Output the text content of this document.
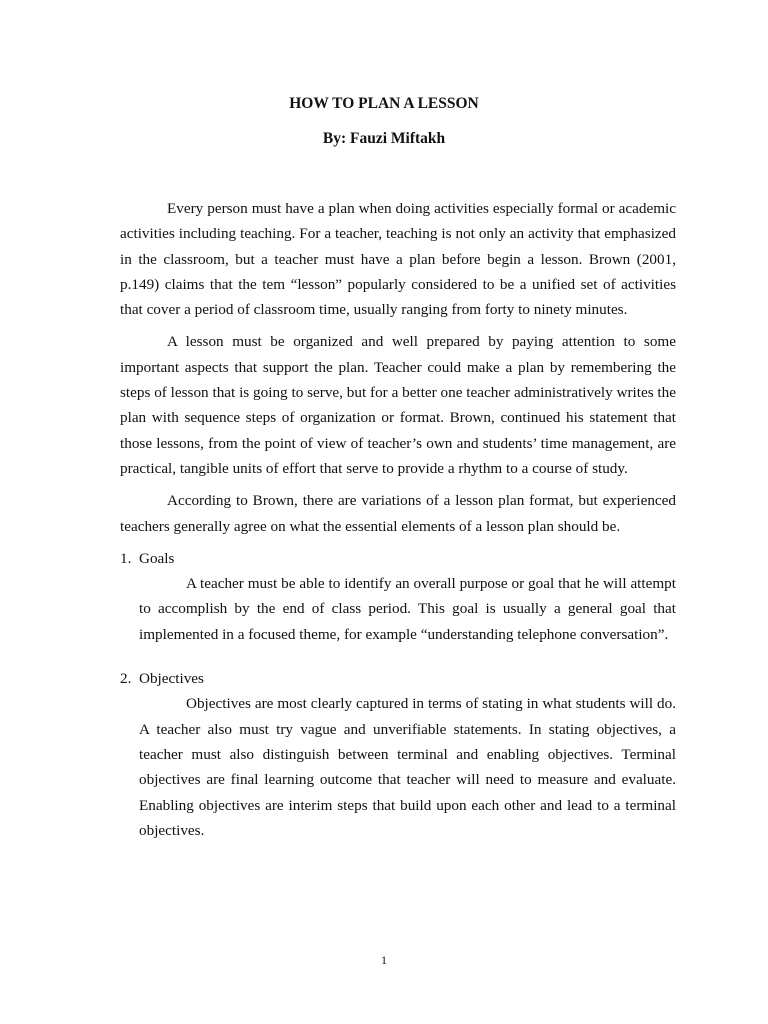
HOW TO PLAN A LESSON
By: Fauzi Miftakh

Every person must have a plan when doing activities especially formal or academic activities including teaching. For a teacher, teaching is not only an activity that emphasized in the classroom, but a teacher must have a plan before begin a lesson. Brown (2001, p.149) claims that the tem “lesson” popularly considered to be a unified set of activities that cover a period of classroom time, usually ranging from forty to ninety minutes.

A lesson must be organized and well prepared by paying attention to some important aspects that support the plan. Teacher could make a plan by remembering the steps of lesson that is going to serve, but for a better one teacher administratively writes the plan with sequence steps of organization or format. Brown, continued his statement that those lessons, from the point of view of teacher’s own and students’ time management, are practical, tangible units of effort that serve to provide a rhythm to a course of study.

According to Brown, there are variations of a lesson plan format, but experienced teachers generally agree on what the essential elements of a lesson plan should be.

1. Goals

A teacher must be able to identify an overall purpose or goal that he will attempt to accomplish by the end of class period. This goal is usually a general goal that implemented in a focused theme, for example “understanding telephone conversation”.

2. Objectives

Objectives are most clearly captured in terms of stating in what students will do. A teacher also must try vague and unverifiable statements. In stating objectives, a teacher must also distinguish between terminal and enabling objectives. Terminal objectives are final learning outcome that teacher will need to measure and evaluate. Enabling objectives are interim steps that build upon each other and lead to a terminal objectives.

1
